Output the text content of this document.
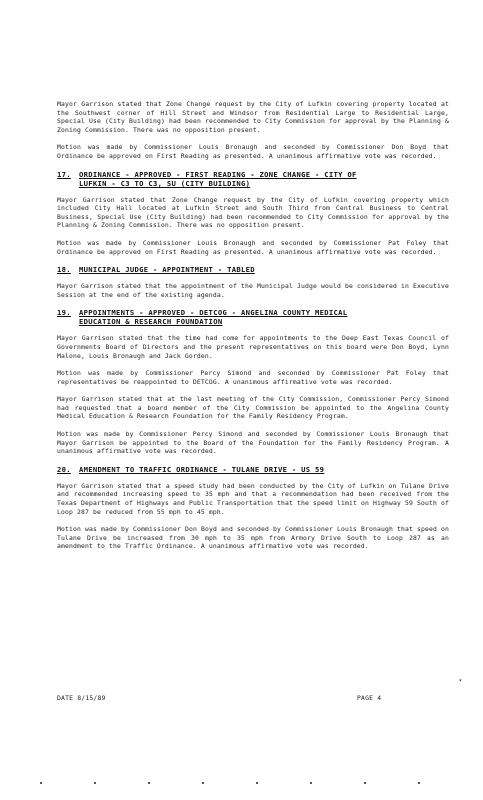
Mayor Garrison stated that Zone Change request by the City of Lufkin covering property located at the Southwest corner of Hill Street and Windsor from Residential Large to Residential Large, Special Use (City Building) had been recommended to City Commission for approval by the Planning & Zoning Commission. There was no opposition present.

Motion was made by Commissioner Louis Bronaugh and seconded by Commissioner Don Boyd that Ordinance be approved on First Reading as presented. A unanimous affirmative vote was recorded.

17.	ORDINANCE - APPROVED - FIRST READING - ZONE CHANGE - CITY OF
LUFKIN - C3 TO C3, SU (CITY BUILDING)

Mayor Garrison stated that Zone Change request by the City of Lufkin covering property which included City Hall located at Lufkin Street and South Third from Central Business to Central Business, Special Use (City Building) had been recommended to City Commission for approval by the Planning & Zoning Commission. There was no opposition present.

Motion was made by Commissioner Louis Bronaugh and seconded by Commissioner Pat Foley that Ordinance be approved on First Reading as presented. A unanimous affirmative vote was recorded.

18.	MUNICIPAL JUDGE - APPOINTMENT - TABLED

Mayor Garrison stated that the appointment of the Municipal Judge would be considered in Executive Session at the end of the existing agenda.

19.	APPOINTMENTS - APPROVED - DETCOG - ANGELINA COUNTY MEDICAL
EDUCATION & RESEARCH FOUNDATION

Mayor Garrison stated that the time had come for appointments to the Deep East Texas Council of Governments Board of Directors and the present representatives on this board were Don Boyd, Lynn Malone, Louis Bronaugh and Jack Gorden.

Motion was made by Commissioner Percy Simond and seconded by Commissioner Pat Foley that representatives be reappointed to DETCOG. A unanimous affirmative vote was recorded.

Mayor Garrison stated that at the last meeting of the City Commission, Commissioner Percy Simond had requested that a board member of the City Commission be appointed to the Angelina County Medical Education & Research Foundation for the Family Residency Program.

Motion was made by Commissioner Percy Simond and seconded by Commissioner Louis Bronaugh that Mayor Garrison be appointed to the Board of the Foundation for the Family Residency Program. A unanimous affirmative vote was recorded.

20.	AMENDMENT TO TRAFFIC ORDINANCE - TULANE DRIVE - US 59

Mayor Garrison stated that a speed study had been conducted by the City of Lufkin on Tulane Drive and recommended increasing speed to 35 mph and that a recommendation had been received from the Texas Department of Highways and Public Transportation that the speed limit on Highway 59 South of Loop 287 be reduced from 55 mph to 45 mph.

Motion was made by Commissioner Don Boyd and seconded by Commissioner Louis Bronaugh that speed on Tulane Drive be increased from 30 mph to 35 mph from Armory Drive South to Loop 287 as an amendment to the Traffic Ordinance. A unanimous affirmative vote was recorded.

⋆
DATE 8/15/89	PAGE 4
